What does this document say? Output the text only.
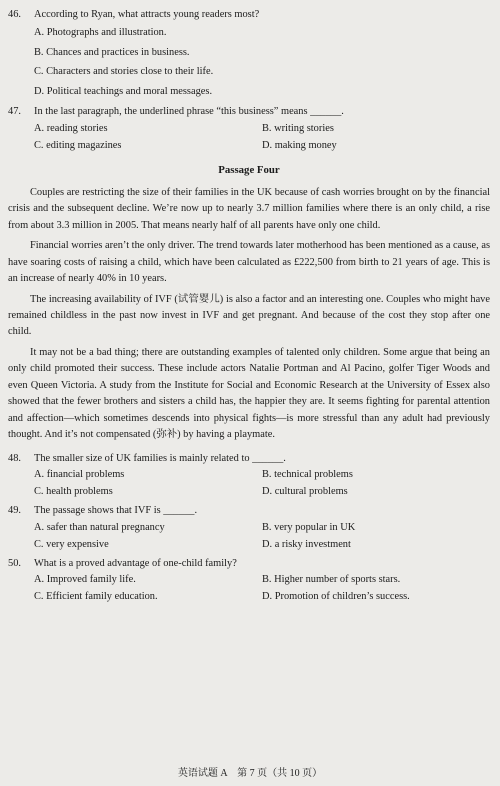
46.	According to Ryan, what attracts young readers most?
A. Photographs and illustration.
B. Chances and practices in business.
C. Characters and stories close to their life.
D. Political teachings and moral messages.
47.	In the last paragraph, the underlined phrase “this business” means ______.
A. reading stories	B. writing stories
C. editing magazines	D. making money
Passage Four

Couples are restricting the size of their families in the UK because of cash worries brought on by the financial crisis and the subsequent decline. We’re now up to nearly 3.7 million families where there is an only child, a rise from about 3.3 million in 2005. That means nearly half of all parents have only one child.

Financial worries aren’t the only driver. The trend towards later motherhood has been mentioned as a cause, as have soaring costs of raising a child, which have been calculated as £222,500 from birth to 21 years of age. This is an increase of nearly 40% in 10 years.

The increasing availability of IVF (试管婴儿) is also a factor and an interesting one. Couples who might have remained childless in the past now invest in IVF and get pregnant. And because of the cost they stop after one child.

It may not be a bad thing; there are outstanding examples of talented only children. Some argue that being an only child promoted their success. These include actors Natalie Portman and Al Pacino, golfer Tiger Woods and even Queen Victoria. A study from the Institute for Social and Economic Research at the University of Essex also showed that the fewer brothers and sisters a child has, the happier they are. It seems fighting for parental attention and affection—which sometimes descends into physical fights—is more stressful than any adult had previously thought. And it’s not compensated (弥补) by having a playmate.

48.	The smaller size of UK families is mainly related to ______.
A. financial problems	B. technical problems
C. health problems	D. cultural problems
49.	The passage shows that IVF is ______.
A. safer than natural pregnancy	B. very popular in UK
C. very expensive	D. a risky investment
50.	What is a proved advantage of one-child family?
A. Improved family life.	B. Higher number of sports stars.
C. Efficient family education.	D. Promotion of children’s success.
英语试题 A　第 7 页（共 10 页）
